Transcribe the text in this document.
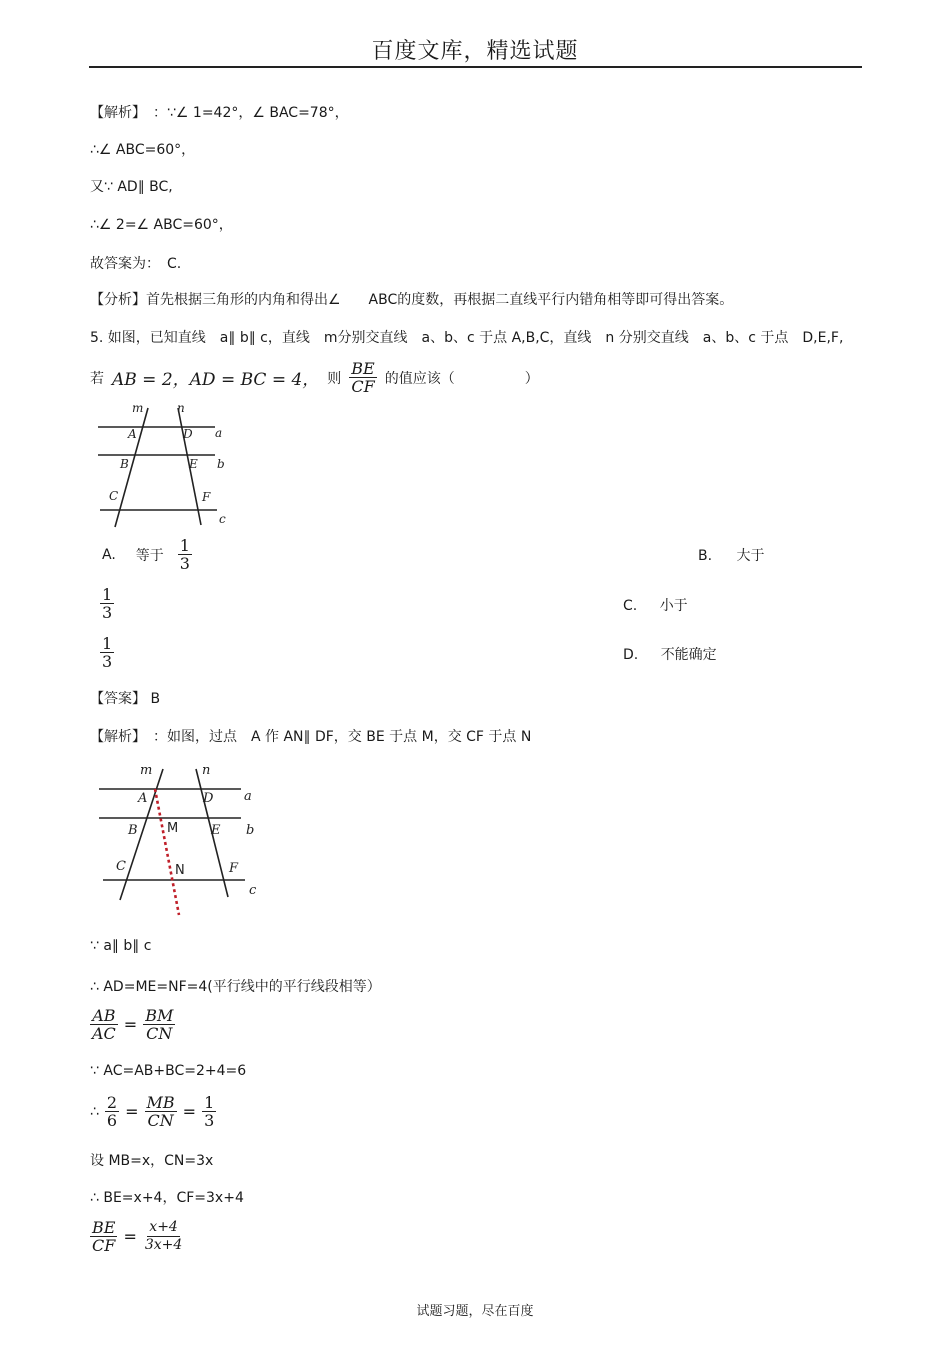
百度文库，精选试题
【解析】　：∵∠ 1=42°，∠ BAC=78°，
∴∠ ABC=60°，
又∵ AD∥ BC,
∴∠ 2=∠ ABC=60°，
故答案为：　C.
【分析】首先根据三角形的内角和得出∠　　ABC的度数，再根据二直线平行内错角相等即可得出答案。
5. 如图，已知直线　a∥ b∥ c，直线　m分别交直线　a、b、c 于点 A,B,C，直线　n 分别交直线　a、b、c 于点　D,E,F,
若 AB = 2，AD = BC = 4， 则 $\frac{BE}{CF}$ 的值应该（　　　　　）
m	n
A	D a
B	E b
C	F
c
A. 等于 $\frac{1}{3}$	B. 大于
$\frac{1}{3}$	C. 小于
$\frac{1}{3}$	D. 不能确定
【答案】 B
【解析】　：如图，过点　A 作 AN∥ DF，交 BE 于点 M，交 CF 于点 N
m	n
A	D a
B M	E b
C	N	F
c
∵ a∥ b∥ c
∴ AD=ME=NF=4(平行线中的平行线段相等）
$\frac{AB}{AC} = \frac{BM}{CN}$
∵ AC=AB+BC=2+4=6
∴ $\frac{2}{6} = \frac{MB}{CN} = \frac{1}{3}$
设 MB=x，CN=3x
∴ BE=x+4，CF=3x+4
$\frac{BE}{CF} = \frac{x+4}{3x+4}$
试题习题，尽在百度
